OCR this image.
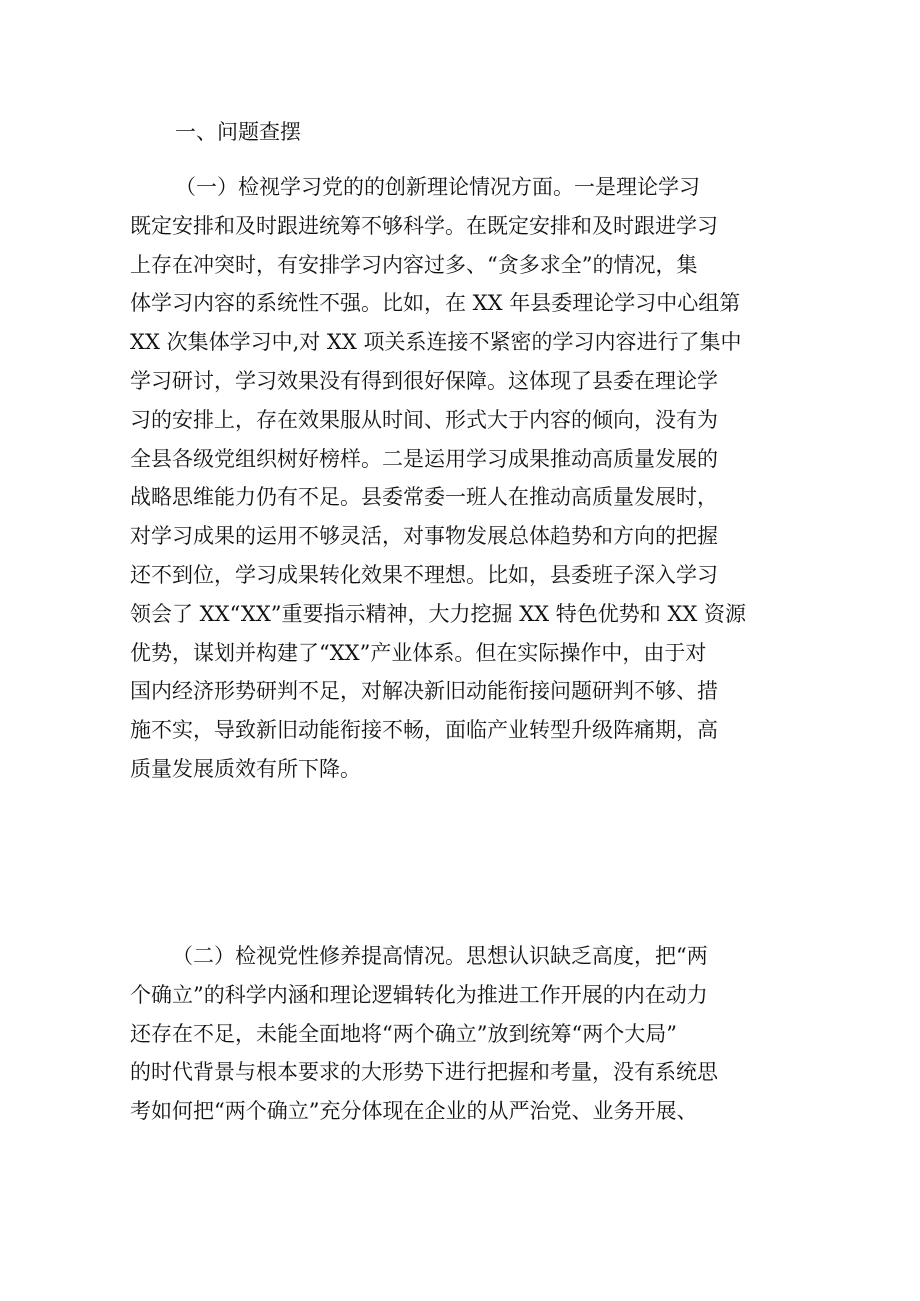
一、问题查摆
（一）检视学习党的的创新理论情况方面。一是理论学习
既定安排和及时跟进统筹不够科学。在既定安排和及时跟进学习
上存在冲突时，有安排学习内容过多、“贪多求全”的情况，集
体学习内容的系统性不强。比如，在 XX 年县委理论学习中心组第
XX 次集体学习中,对 XX 项关系连接不紧密的学习内容进行了集中
学习研讨，学习效果没有得到很好保障。这体现了县委在理论学
习的安排上，存在效果服从时间、形式大于内容的倾向，没有为
全县各级党组织树好榜样。二是运用学习成果推动高质量发展的
战略思维能力仍有不足。县委常委一班人在推动高质量发展时，
对学习成果的运用不够灵活，对事物发展总体趋势和方向的把握
还不到位，学习成果转化效果不理想。比如，县委班子深入学习
领会了 XX“XX”重要指示精神，大力挖掘 XX 特色优势和 XX 资源
优势，谋划并构建了“XX”产业体系。但在实际操作中，由于对
国内经济形势研判不足，对解决新旧动能衔接问题研判不够、措
施不实，导致新旧动能衔接不畅，面临产业转型升级阵痛期，高
质量发展质效有所下降。
（二）检视党性修养提高情况。思想认识缺乏高度，把“两
个确立”的科学内涵和理论逻辑转化为推进工作开展的内在动力
还存在不足，未能全面地将“两个确立”放到统筹“两个大局”
的时代背景与根本要求的大形势下进行把握和考量，没有系统思
考如何把“两个确立”充分体现在企业的从严治党、业务开展、
